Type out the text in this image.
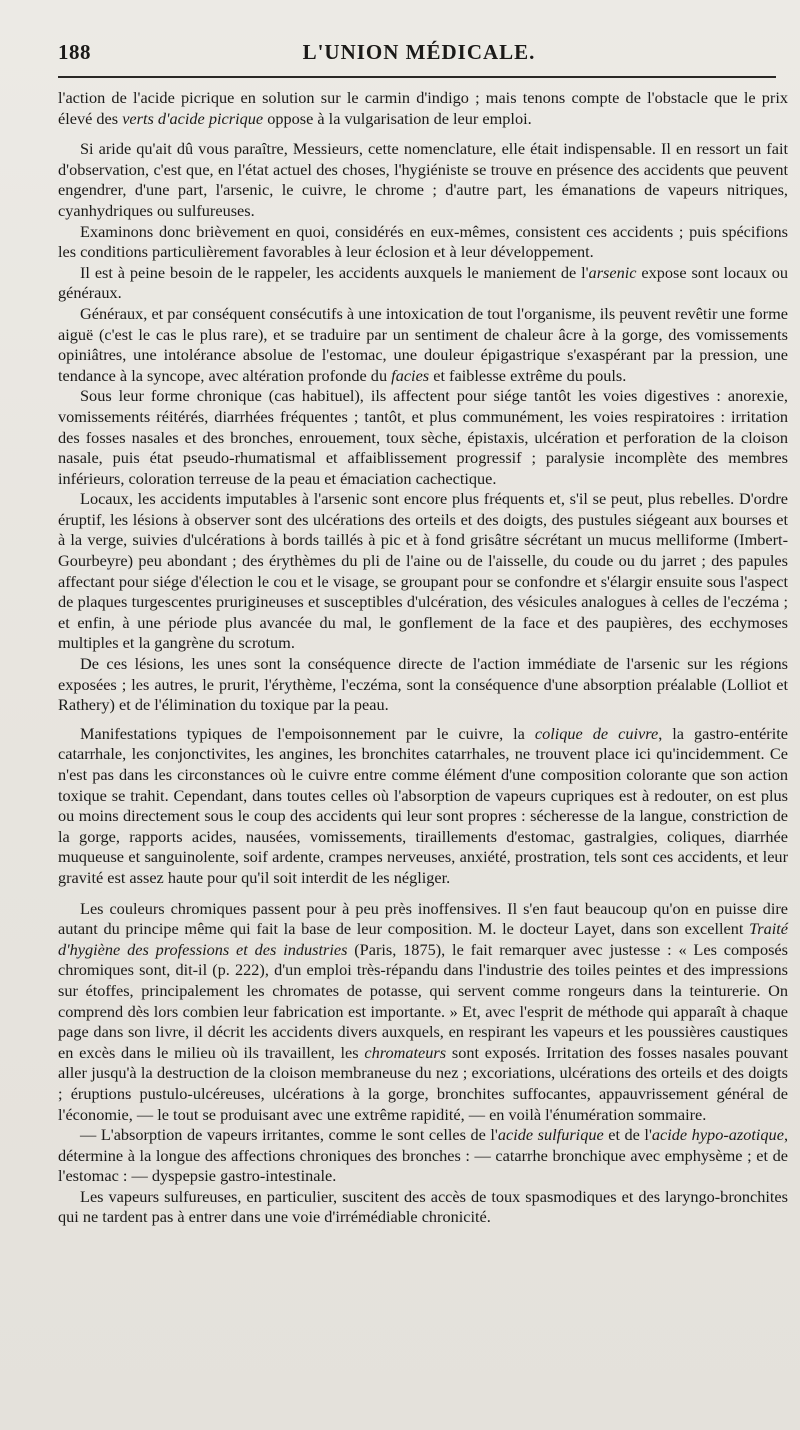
188	L'UNION MÉDICALE.

l'action de l'acide picrique en solution sur le carmin d'indigo ; mais tenons compte de l'obstacle que le prix élevé des verts d'acide picrique oppose à la vulgarisation de leur emploi.

Si aride qu'ait dû vous paraître, Messieurs, cette nomenclature, elle était indispensable. Il en ressort un fait d'observation, c'est que, en l'état actuel des choses, l'hygiéniste se trouve en présence des accidents que peuvent engendrer, d'une part, l'arsenic, le cuivre, le chrome ; d'autre part, les émanations de vapeurs nitriques, cyanhydriques ou sulfureuses.

Examinons donc brièvement en quoi, considérés en eux-mêmes, consistent ces accidents ; puis spécifions les conditions particulièrement favorables à leur éclosion et à leur développement.

Il est à peine besoin de le rappeler, les accidents auxquels le maniement de l'arsenic expose sont locaux ou généraux.

Généraux, et par conséquent consécutifs à une intoxication de tout l'organisme, ils peuvent revêtir une forme aiguë (c'est le cas le plus rare), et se traduire par un sentiment de chaleur âcre à la gorge, des vomissements opiniâtres, une intolérance absolue de l'estomac, une douleur épigastrique s'exaspérant par la pression, une tendance à la syncope, avec altération profonde du facies et faiblesse extrême du pouls.

Sous leur forme chronique (cas habituel), ils affectent pour siége tantôt les voies digestives : anorexie, vomissements réitérés, diarrhées fréquentes ; tantôt, et plus communément, les voies respiratoires : irritation des fosses nasales et des bronches, enrouement, toux sèche, épistaxis, ulcération et perforation de la cloison nasale, puis état pseudo-rhumatismal et affaiblissement progressif ; paralysie incomplète des membres inférieurs, coloration terreuse de la peau et émaciation cachectique.

Locaux, les accidents imputables à l'arsenic sont encore plus fréquents et, s'il se peut, plus rebelles. D'ordre éruptif, les lésions à observer sont des ulcérations des orteils et des doigts, des pustules siégeant aux bourses et à la verge, suivies d'ulcérations à bords taillés à pic et à fond grisâtre sécrétant un mucus melliforme (Imbert-Gourbeyre) peu abondant ; des érythèmes du pli de l'aine ou de l'aisselle, du coude ou du jarret ; des papules affectant pour siége d'élection le cou et le visage, se groupant pour se confondre et s'élargir ensuite sous l'aspect de plaques turgescentes prurigineuses et susceptibles d'ulcération, des vésicules analogues à celles de l'eczéma ; et enfin, à une période plus avancée du mal, le gonflement de la face et des paupières, des ecchymoses multiples et la gangrène du scrotum.

De ces lésions, les unes sont la conséquence directe de l'action immédiate de l'arsenic sur les régions exposées ; les autres, le prurit, l'érythème, l'eczéma, sont la conséquence d'une absorption préalable (Lolliot et Rathery) et de l'élimination du toxique par la peau.

Manifestations typiques de l'empoisonnement par le cuivre, la colique de cuivre, la gastro-entérite catarrhale, les conjonctivites, les angines, les bronchites catarrhales, ne trouvent place ici qu'incidemment. Ce n'est pas dans les circonstances où le cuivre entre comme élément d'une composition colorante que son action toxique se trahit. Cependant, dans toutes celles où l'absorption de vapeurs cupriques est à redouter, on est plus ou moins directement sous le coup des accidents qui leur sont propres : sécheresse de la langue, constriction de la gorge, rapports acides, nausées, vomissements, tiraillements d'estomac, gastralgies, coliques, diarrhée muqueuse et sanguinolente, soif ardente, crampes nerveuses, anxiété, prostration, tels sont ces accidents, et leur gravité est assez haute pour qu'il soit interdit de les négliger.

Les couleurs chromiques passent pour à peu près inoffensives. Il s'en faut beaucoup qu'on en puisse dire autant du principe même qui fait la base de leur composition. M. le docteur Layet, dans son excellent Traité d'hygiène des professions et des industries (Paris, 1875), le fait remarquer avec justesse : « Les composés chromiques sont, dit-il (p. 222), d'un emploi très-répandu dans l'industrie des toiles peintes et des impressions sur étoffes, principalement les chromates de potasse, qui servent comme rongeurs dans la teinturerie. On comprend dès lors combien leur fabrication est importante. » Et, avec l'esprit de méthode qui apparaît à chaque page dans son livre, il décrit les accidents divers auxquels, en respirant les vapeurs et les poussières caustiques en excès dans le milieu où ils travaillent, les chromateurs sont exposés. Irritation des fosses nasales pouvant aller jusqu'à la destruction de la cloison membraneuse du nez ; excoriations, ulcérations des orteils et des doigts ; éruptions pustulo-ulcéreuses, ulcérations à la gorge, bronchites suffocantes, appauvrissement général de l'économie, — le tout se produisant avec une extrême rapidité, — en voilà l'énumération sommaire.

— L'absorption de vapeurs irritantes, comme le sont celles de l'acide sulfurique et de l'acide hypo-azotique, détermine à la longue des affections chroniques des bronches : — catarrhe bronchique avec emphysème ; et de l'estomac : — dyspepsie gastro-intestinale.

Les vapeurs sulfureuses, en particulier, suscitent des accès de toux spasmodiques et des laryngo-bronchites qui ne tardent pas à entrer dans une voie d'irrémédiable chronicité.
